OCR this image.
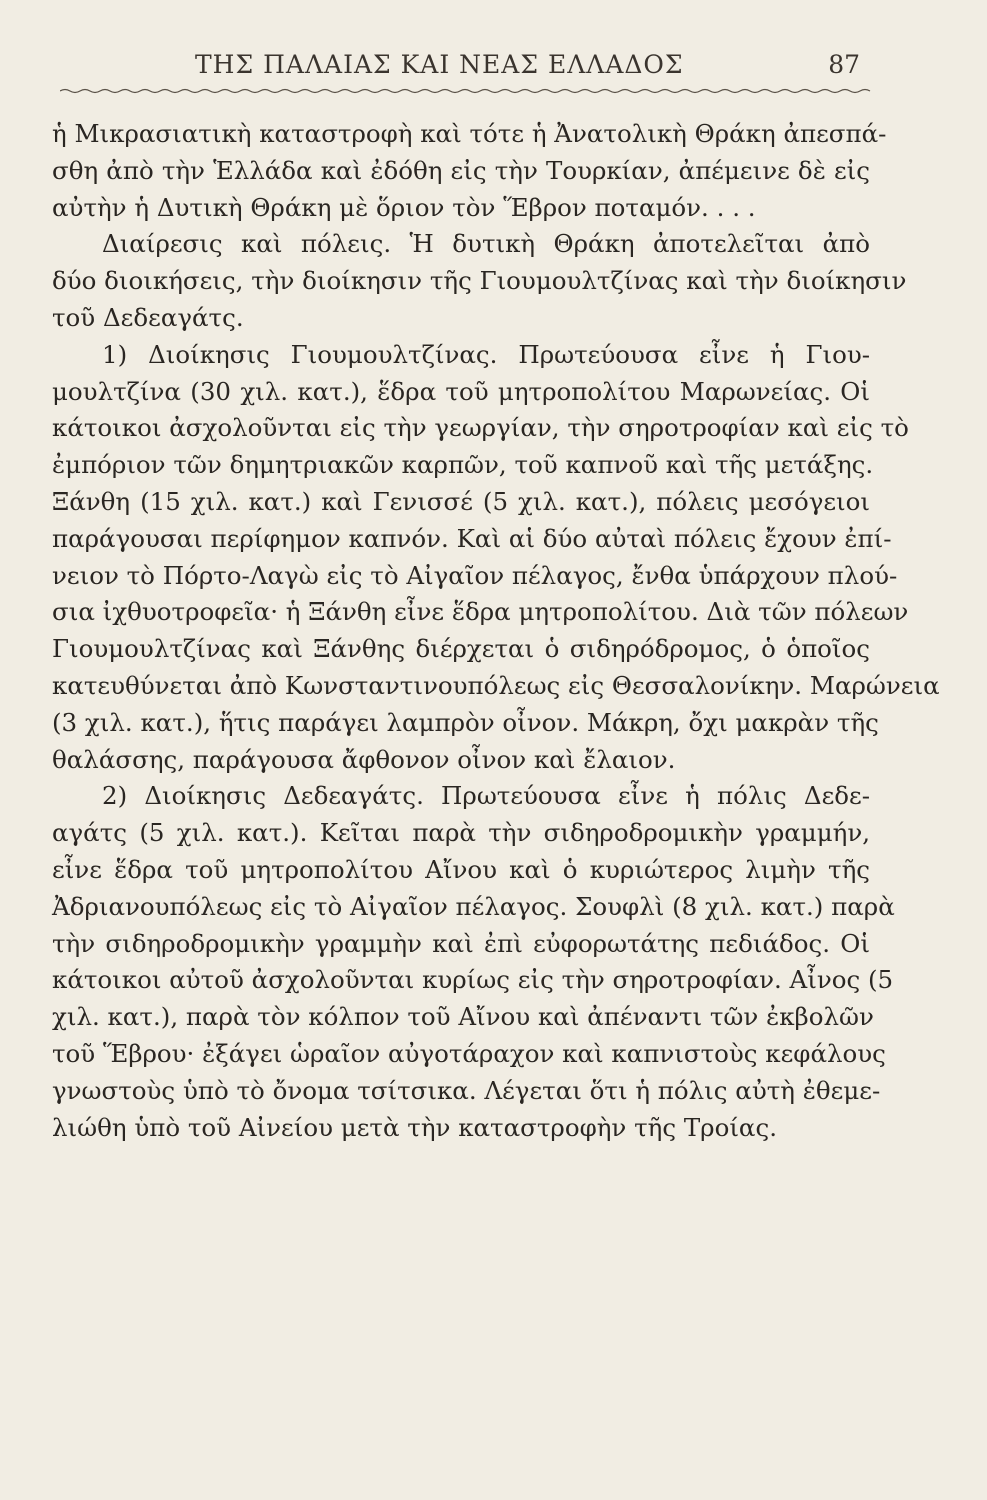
ΤΗΣ ΠΑΛΑΙΑΣ ΚΑΙ ΝΕΑΣ ΕΛΛΑΔΟΣ	87
ἡ Μικρασιατικὴ καταστροφὴ καὶ τότε ἡ Ἀνατολικὴ Θράκη ἀπεσπά-
σθη ἀπὸ τὴν Ἑλλάδα καὶ ἐδόθη εἰς τὴν Τουρκίαν, ἀπέμεινε δὲ εἰς
αὐτὴν ἡ Δυτικὴ Θράκη μὲ ὅριον τὸν Ἕβρον ποταμόν. . . .
Διαίρεσις καὶ πόλεις. Ἡ δυτικὴ Θράκη ἀποτελεῖται ἀπὸ
δύο διοικήσεις, τὴν διοίκησιν τῆς Γιουμουλτζίνας καὶ τὴν διοίκησιν
τοῦ Δεδεαγάτς.
1) Διοίκησις Γιουμουλτζίνας. Πρωτεύουσα εἶνε ἡ Γιου-
μουλτζίνα (30 χιλ. κατ.), ἕδρα τοῦ μητροπολίτου Μαρωνείας. Οἱ
κάτοικοι ἀσχολοῦνται εἰς τὴν γεωργίαν, τὴν σηροτροφίαν καὶ εἰς τὸ
ἐμπόριον τῶν δημητριακῶν καρπῶν, τοῦ καπνοῦ καὶ τῆς μετάξης.
Ξάνθη (15 χιλ. κατ.) καὶ Γενισσέ (5 χιλ. κατ.), πόλεις μεσόγειοι
παράγουσαι περίφημον καπνόν. Καὶ αἱ δύο αὐταὶ πόλεις ἔχουν ἐπί-
νειον τὸ Πόρτο-Λαγὼ εἰς τὸ Αἰγαῖον πέλαγος, ἔνθα ὑπάρχουν πλού-
σια ἰχθυοτροφεῖα· ἡ Ξάνθη εἶνε ἕδρα μητροπολίτου. Διὰ τῶν πόλεων
Γιουμουλτζίνας καὶ Ξάνθης διέρχεται ὁ σιδηρόδρομος, ὁ ὁποῖος
κατευθύνεται ἀπὸ Κωνσταντινουπόλεως εἰς Θεσσαλονίκην. Μαρώνεια
(3 χιλ. κατ.), ἥτις παράγει λαμπρὸν οἶνον. Μάκρη, ὄχι μακρὰν τῆς
θαλάσσης, παράγουσα ἄφθονον οἶνον καὶ ἔλαιον.
2) Διοίκησις Δεδεαγάτς. Πρωτεύουσα εἶνε ἡ πόλις Δεδε-
αγάτς (5 χιλ. κατ.). Κεῖται παρὰ τὴν σιδηροδρομικὴν γραμμήν,
εἶνε ἕδρα τοῦ μητροπολίτου Αἴνου καὶ ὁ κυριώτερος λιμὴν τῆς
Ἀδριανουπόλεως εἰς τὸ Αἰγαῖον πέλαγος. Σουφλὶ (8 χιλ. κατ.) παρὰ
τὴν σιδηροδρομικὴν γραμμὴν καὶ ἐπὶ εὐφορωτάτης πεδιάδος. Οἱ
κάτοικοι αὐτοῦ ἀσχολοῦνται κυρίως εἰς τὴν σηροτροφίαν. Αἶνος (5
χιλ. κατ.), παρὰ τὸν κόλπον τοῦ Αἴνου καὶ ἀπέναντι τῶν ἐκβολῶν
τοῦ Ἕβρου· ἐξάγει ὡραῖον αὐγοτάραχον καὶ καπνιστοὺς κεφάλους
γνωστοὺς ὑπὸ τὸ ὄνομα τσίτσικα. Λέγεται ὅτι ἡ πόλις αὐτὴ ἐθεμε-
λιώθη ὑπὸ τοῦ Αἰνείου μετὰ τὴν καταστροφὴν τῆς Τροίας.
